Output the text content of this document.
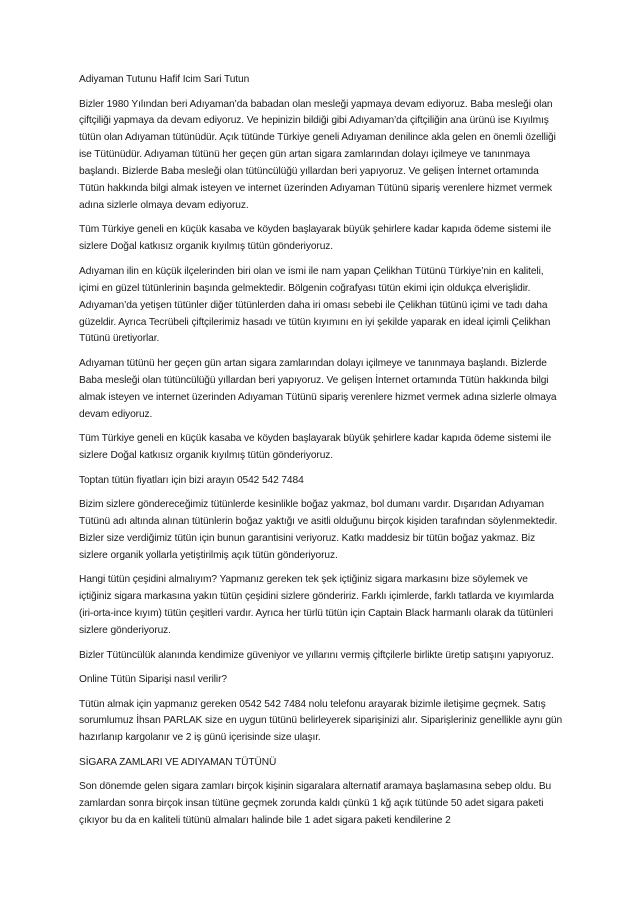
Adiyaman Tutunu Hafif Icim Sari Tutun

Bizler 1980 Yılından beri Adıyaman’da babadan olan mesleği yapmaya devam ediyoruz. Baba mesleği olan çiftçiliği yapmaya da devam ediyoruz. Ve hepinizin bildiği gibi Adıyaman’da çiftçiliğin ana ürünü ise Kıyılmış tütün olan Adıyaman tütünüdür. Açık tütünde Türkiye geneli Adıyaman denilince akla gelen en önemli özelliği ise Tütünüdür. Adıyaman tütünü her geçen gün artan sigara zamlarından dolayı içilmeye ve tanınmaya başlandı. Bizlerde Baba mesleği olan tütüncülüğü yıllardan beri yapıyoruz. Ve gelişen İnternet ortamında Tütün hakkında bilgi almak isteyen ve internet üzerinden Adıyaman Tütünü sipariş verenlere hizmet vermek adına sizlerle olmaya devam ediyoruz.

Tüm Türkiye geneli en küçük kasaba ve köyden başlayarak büyük şehirlere kadar kapıda ödeme sistemi ile sizlere Doğal katkısız organik kıyılmış tütün gönderiyoruz.

Adıyaman ilin en küçük ilçelerinden biri olan ve ismi ile nam yapan Çelikhan Tütünü Türkiye’nin en kaliteli, içimi en güzel tütünlerinin başında gelmektedir. Bölgenin coğrafyası tütün ekimi için oldukça elverişlidir. Adıyaman’da yetişen tütünler diğer tütünlerden daha iri oması sebebi ile Çelikhan tütünü içimi ve tadı daha güzeldir. Ayrıca Tecrübeli çiftçilerimiz hasadı ve tütün kıyımını en iyi şekilde yaparak en ideal içimli Çelikhan Tütünü üretiyorlar.

Adıyaman tütünü her geçen gün artan sigara zamlarından dolayı içilmeye ve tanınmaya başlandı. Bizlerde Baba mesleği olan tütüncülüğü yıllardan beri yapıyoruz. Ve gelişen İnternet ortamında Tütün hakkında bilgi almak isteyen ve internet üzerinden Adıyaman Tütünü sipariş verenlere hizmet vermek adına sizlerle olmaya devam ediyoruz.

Tüm Türkiye geneli en küçük kasaba ve köyden başlayarak büyük şehirlere kadar kapıda ödeme sistemi ile sizlere Doğal katkısız organik kıyılmış tütün gönderiyoruz.

Toptan tütün fiyatları için bizi arayın 0542 542 7484

Bizim sizlere göndereceğimiz tütünlerde kesinlikle boğaz yakmaz, bol dumanı vardır. Dışarıdan Adıyaman Tütünü adı altında alınan tütünlerin boğaz yaktığı ve asitli olduğunu birçok kişiden tarafından söylenmektedir. Bizler size verdiğimiz tütün için bunun garantisini veriyoruz. Katkı maddesiz bir tütün boğaz yakmaz. Biz sizlere organik yollarla yetiştirilmiş açık tütün gönderiyoruz.

Hangi tütün çeşidini almalıyım? Yapmanız gereken tek şek içtiğiniz sigara markasını bize söylemek ve içtiğiniz sigara markasına yakın tütün çeşidini sizlere göndeririz. Farklı içimlerde, farklı tatlarda ve kıyımlarda (iri-orta-ince kıyım) tütün çeşitleri vardır. Ayrıca her türlü tütün için Captain Black harmanlı olarak da tütünleri sizlere gönderiyoruz.

Bizler Tütüncülük alanında kendimize güveniyor ve yıllarını vermiş çiftçilerle birlikte üretip satışını yapıyoruz.

Online Tütün Siparişi nasıl verilir?

Tütün almak için yapmanız gereken 0542 542 7484 nolu telefonu arayarak bizimle iletişime geçmek. Satış sorumlumuz İhsan PARLAK size en uygun tütünü belirleyerek siparişinizi alır. Siparişleriniz genellikle aynı gün hazırlanıp kargolanır ve 2 iş günü içerisinde size ulaşır.

SİGARA ZAMLARI VE ADIYAMAN TÜTÜNÜ

Son dönemde gelen sigara zamları birçok kişinin sigaralara alternatif aramaya başlamasına sebep oldu. Bu zamlardan sonra birçok insan tütüne geçmek zorunda kaldı çünkü 1 kğ açık tütünde 50 adet sigara paketi çıkıyor bu da en kaliteli tütünü almaları halinde bile 1 adet sigara paketi kendilerine 2
